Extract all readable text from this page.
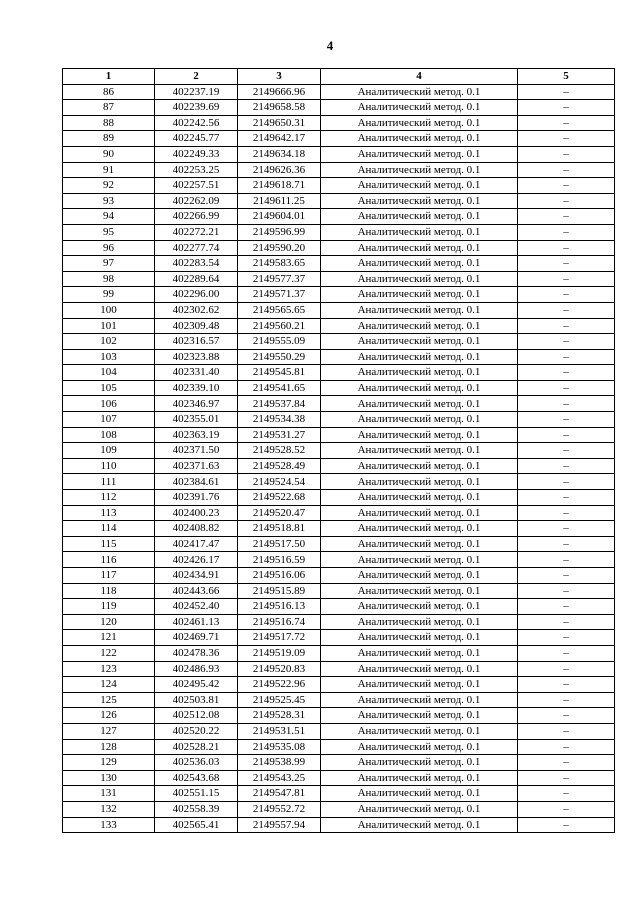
4
1	2	3	4	5
86	402237.19	2149666.96	Аналитический метод. 0.1	–
87	402239.69	2149658.58	Аналитический метод. 0.1	–
88	402242.56	2149650.31	Аналитический метод. 0.1	–
89	402245.77	2149642.17	Аналитический метод. 0.1	–
90	402249.33	2149634.18	Аналитический метод. 0.1	–
91	402253.25	2149626.36	Аналитический метод. 0.1	–
92	402257.51	2149618.71	Аналитический метод. 0.1	–
93	402262.09	2149611.25	Аналитический метод. 0.1	–
94	402266.99	2149604.01	Аналитический метод. 0.1	–
95	402272.21	2149596.99	Аналитический метод. 0.1	–
96	402277.74	2149590.20	Аналитический метод. 0.1	–
97	402283.54	2149583.65	Аналитический метод. 0.1	–
98	402289.64	2149577.37	Аналитический метод. 0.1	–
99	402296.00	2149571.37	Аналитический метод. 0.1	–
100	402302.62	2149565.65	Аналитический метод. 0.1	–
101	402309.48	2149560.21	Аналитический метод. 0.1	–
102	402316.57	2149555.09	Аналитический метод. 0.1	–
103	402323.88	2149550.29	Аналитический метод. 0.1	–
104	402331.40	2149545.81	Аналитический метод. 0.1	–
105	402339.10	2149541.65	Аналитический метод. 0.1	–
106	402346.97	2149537.84	Аналитический метод. 0.1	–
107	402355.01	2149534.38	Аналитический метод. 0.1	–
108	402363.19	2149531.27	Аналитический метод. 0.1	–
109	402371.50	2149528.52	Аналитический метод. 0.1	–
110	402371.63	2149528.49	Аналитический метод. 0.1	–
111	402384.61	2149524.54	Аналитический метод. 0.1	–
112	402391.76	2149522.68	Аналитический метод. 0.1	–
113	402400.23	2149520.47	Аналитический метод. 0.1	–
114	402408.82	2149518.81	Аналитический метод. 0.1	–
115	402417.47	2149517.50	Аналитический метод. 0.1	–
116	402426.17	2149516.59	Аналитический метод. 0.1	–
117	402434.91	2149516.06	Аналитический метод. 0.1	–
118	402443.66	2149515.89	Аналитический метод. 0.1	–
119	402452.40	2149516.13	Аналитический метод. 0.1	–
120	402461.13	2149516.74	Аналитический метод. 0.1	–
121	402469.71	2149517.72	Аналитический метод. 0.1	–
122	402478.36	2149519.09	Аналитический метод. 0.1	–
123	402486.93	2149520.83	Аналитический метод. 0.1	–
124	402495.42	2149522.96	Аналитический метод. 0.1	–
125	402503.81	2149525.45	Аналитический метод. 0.1	–
126	402512.08	2149528.31	Аналитический метод. 0.1	–
127	402520.22	2149531.51	Аналитический метод. 0.1	–
128	402528.21	2149535.08	Аналитический метод. 0.1	–
129	402536.03	2149538.99	Аналитический метод. 0.1	–
130	402543.68	2149543.25	Аналитический метод. 0.1	–
131	402551.15	2149547.81	Аналитический метод. 0.1	–
132	402558.39	2149552.72	Аналитический метод. 0.1	–
133	402565.41	2149557.94	Аналитический метод. 0.1	–
